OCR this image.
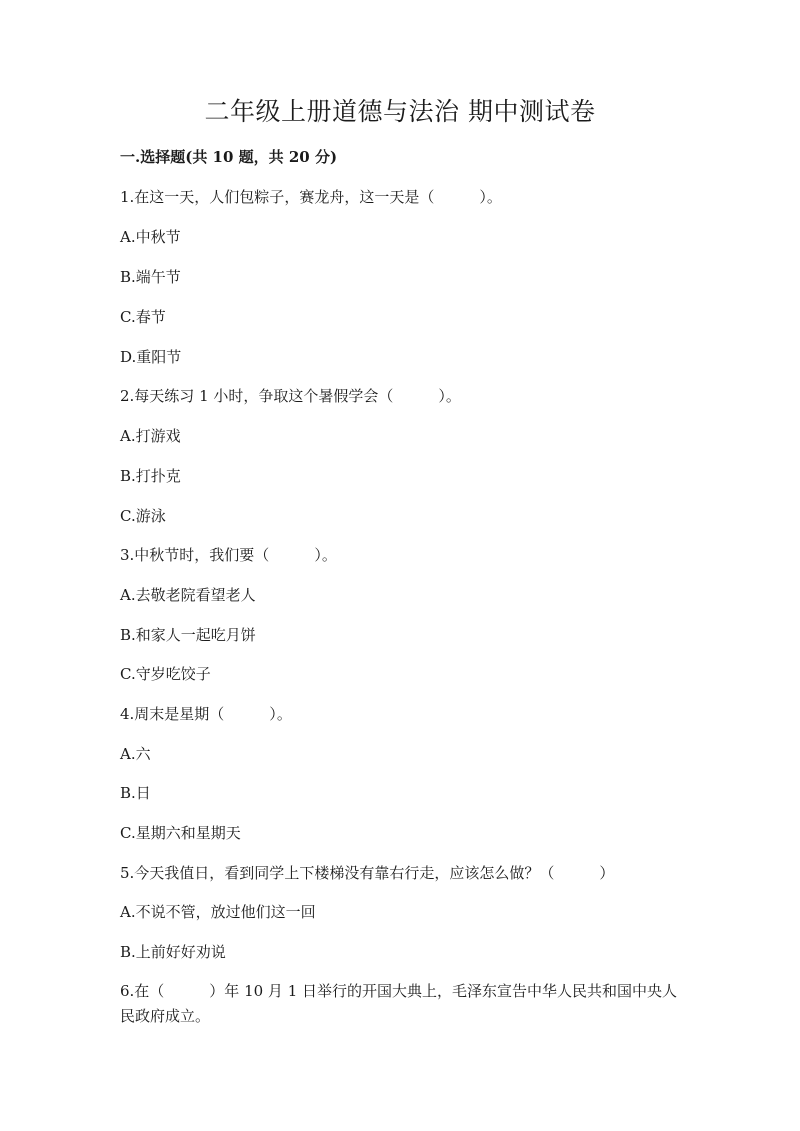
二年级上册道德与法治 期中测试卷
一.选择题(共 10 题，共 20 分)
1.在这一天，人们包粽子，赛龙舟，这一天是（　　　）。
A.中秋节
B.端午节
C.春节
D.重阳节
2.每天练习 1 小时，争取这个暑假学会（　　　）。
A.打游戏
B.打扑克
C.游泳
3.中秋节时，我们要（　　　）。
A.去敬老院看望老人
B.和家人一起吃月饼
C.守岁吃饺子
4.周末是星期（　　　）。
A.六
B.日
C.星期六和星期天
5.今天我值日，看到同学上下楼梯没有靠右行走，应该怎么做？（　　　）
A.不说不管，放过他们这一回
B.上前好好劝说
6.在（　　　）年 10 月 1 日举行的开国大典上，毛泽东宣告中华人民共和国中央人民政府成立。
